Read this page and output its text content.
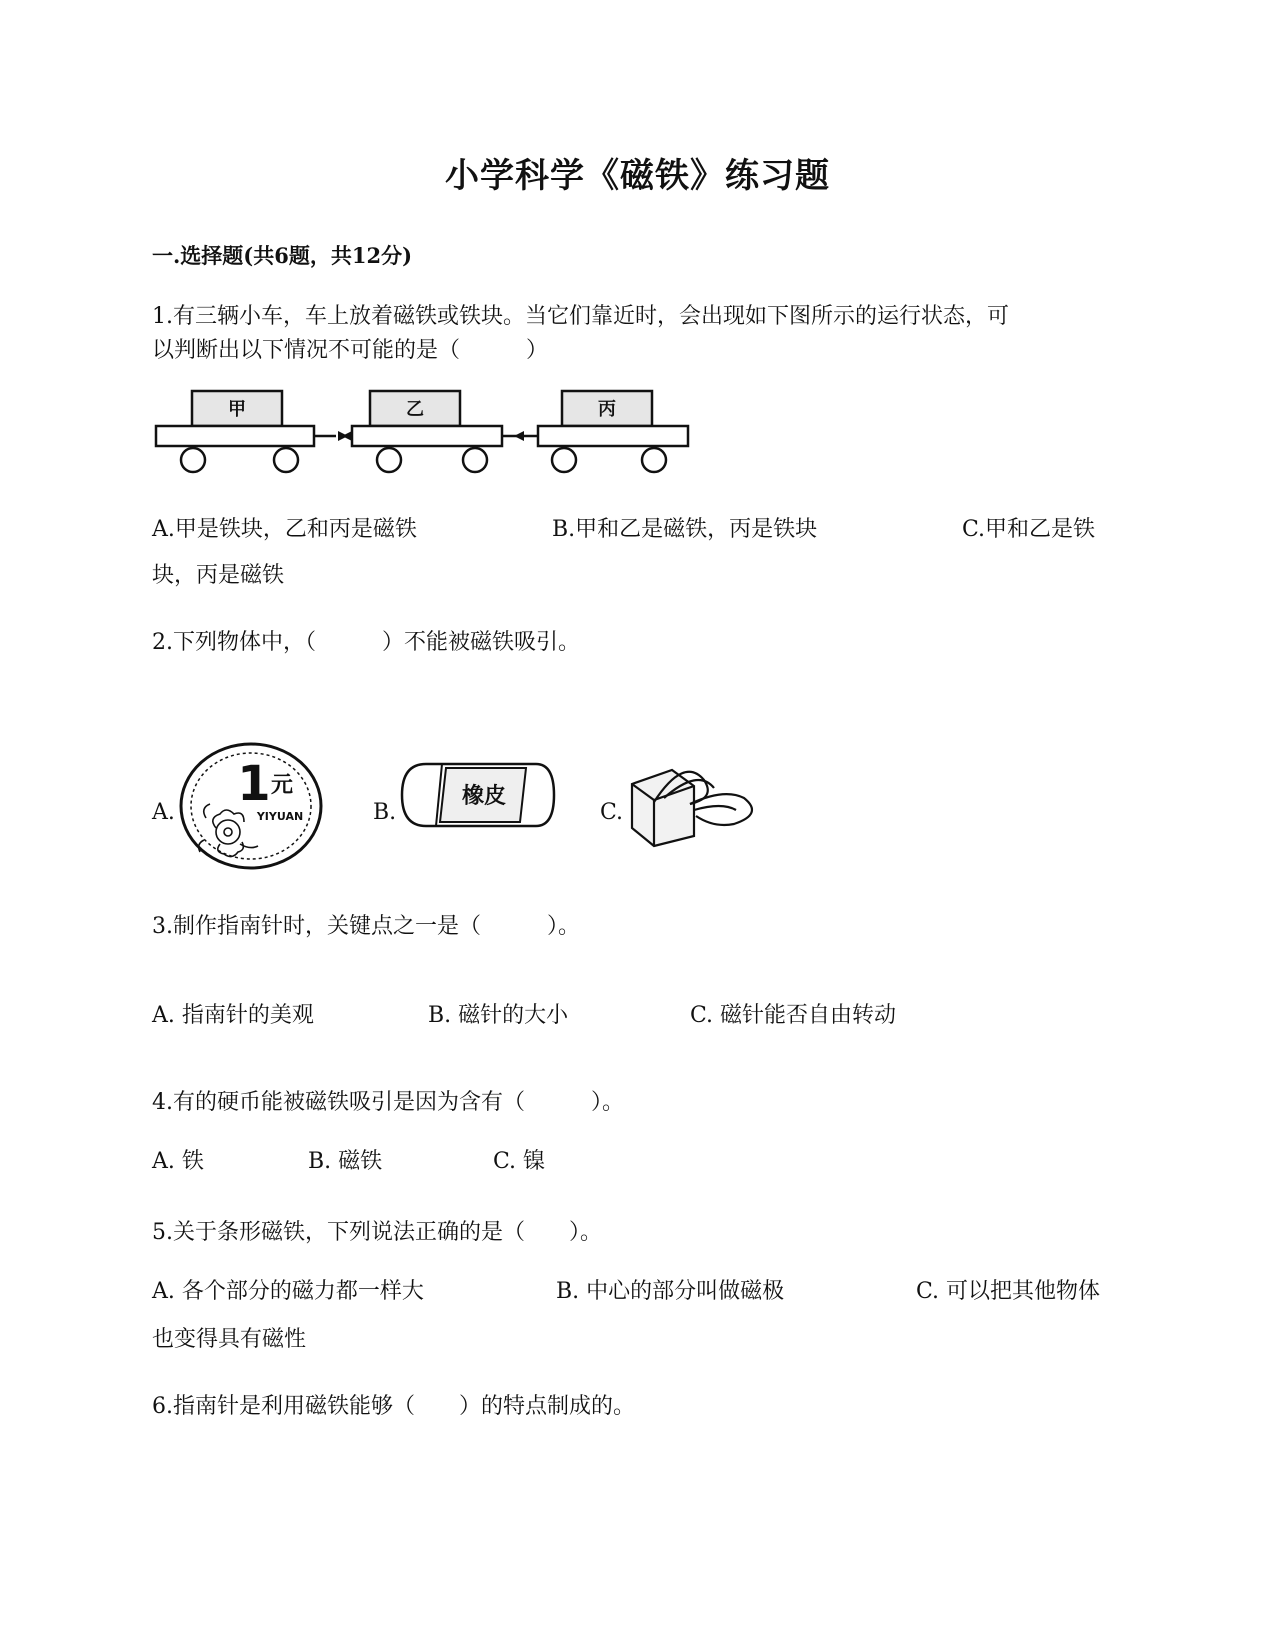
小学科学《磁铁》练习题
一.选择题(共6题，共12分)
1.有三辆小车，车上放着磁铁或铁块。当它们靠近时，会出现如下图所示的运行状态，可
以判断出以下情况不可能的是（　　　）
甲	乙	丙
A.甲是铁块，乙和丙是磁铁	B.甲和乙是磁铁，丙是铁块	C.甲和乙是铁
块，丙是磁铁
2.下列物体中，（　　　）不能被磁铁吸引。
A.
1 元
YIYUAN	B.
橡皮
C.
3.制作指南针时，关键点之一是（　　　）。
A. 指南针的美观	B. 磁针的大小	C. 磁针能否自由转动
4.有的硬币能被磁铁吸引是因为含有（　　　）。
A. 铁	B. 磁铁	C. 镍
5.关于条形磁铁，下列说法正确的是（　　）。
A. 各个部分的磁力都一样大	B. 中心的部分叫做磁极	C. 可以把其他物体
也变得具有磁性
6.指南针是利用磁铁能够（　　）的特点制成的。
